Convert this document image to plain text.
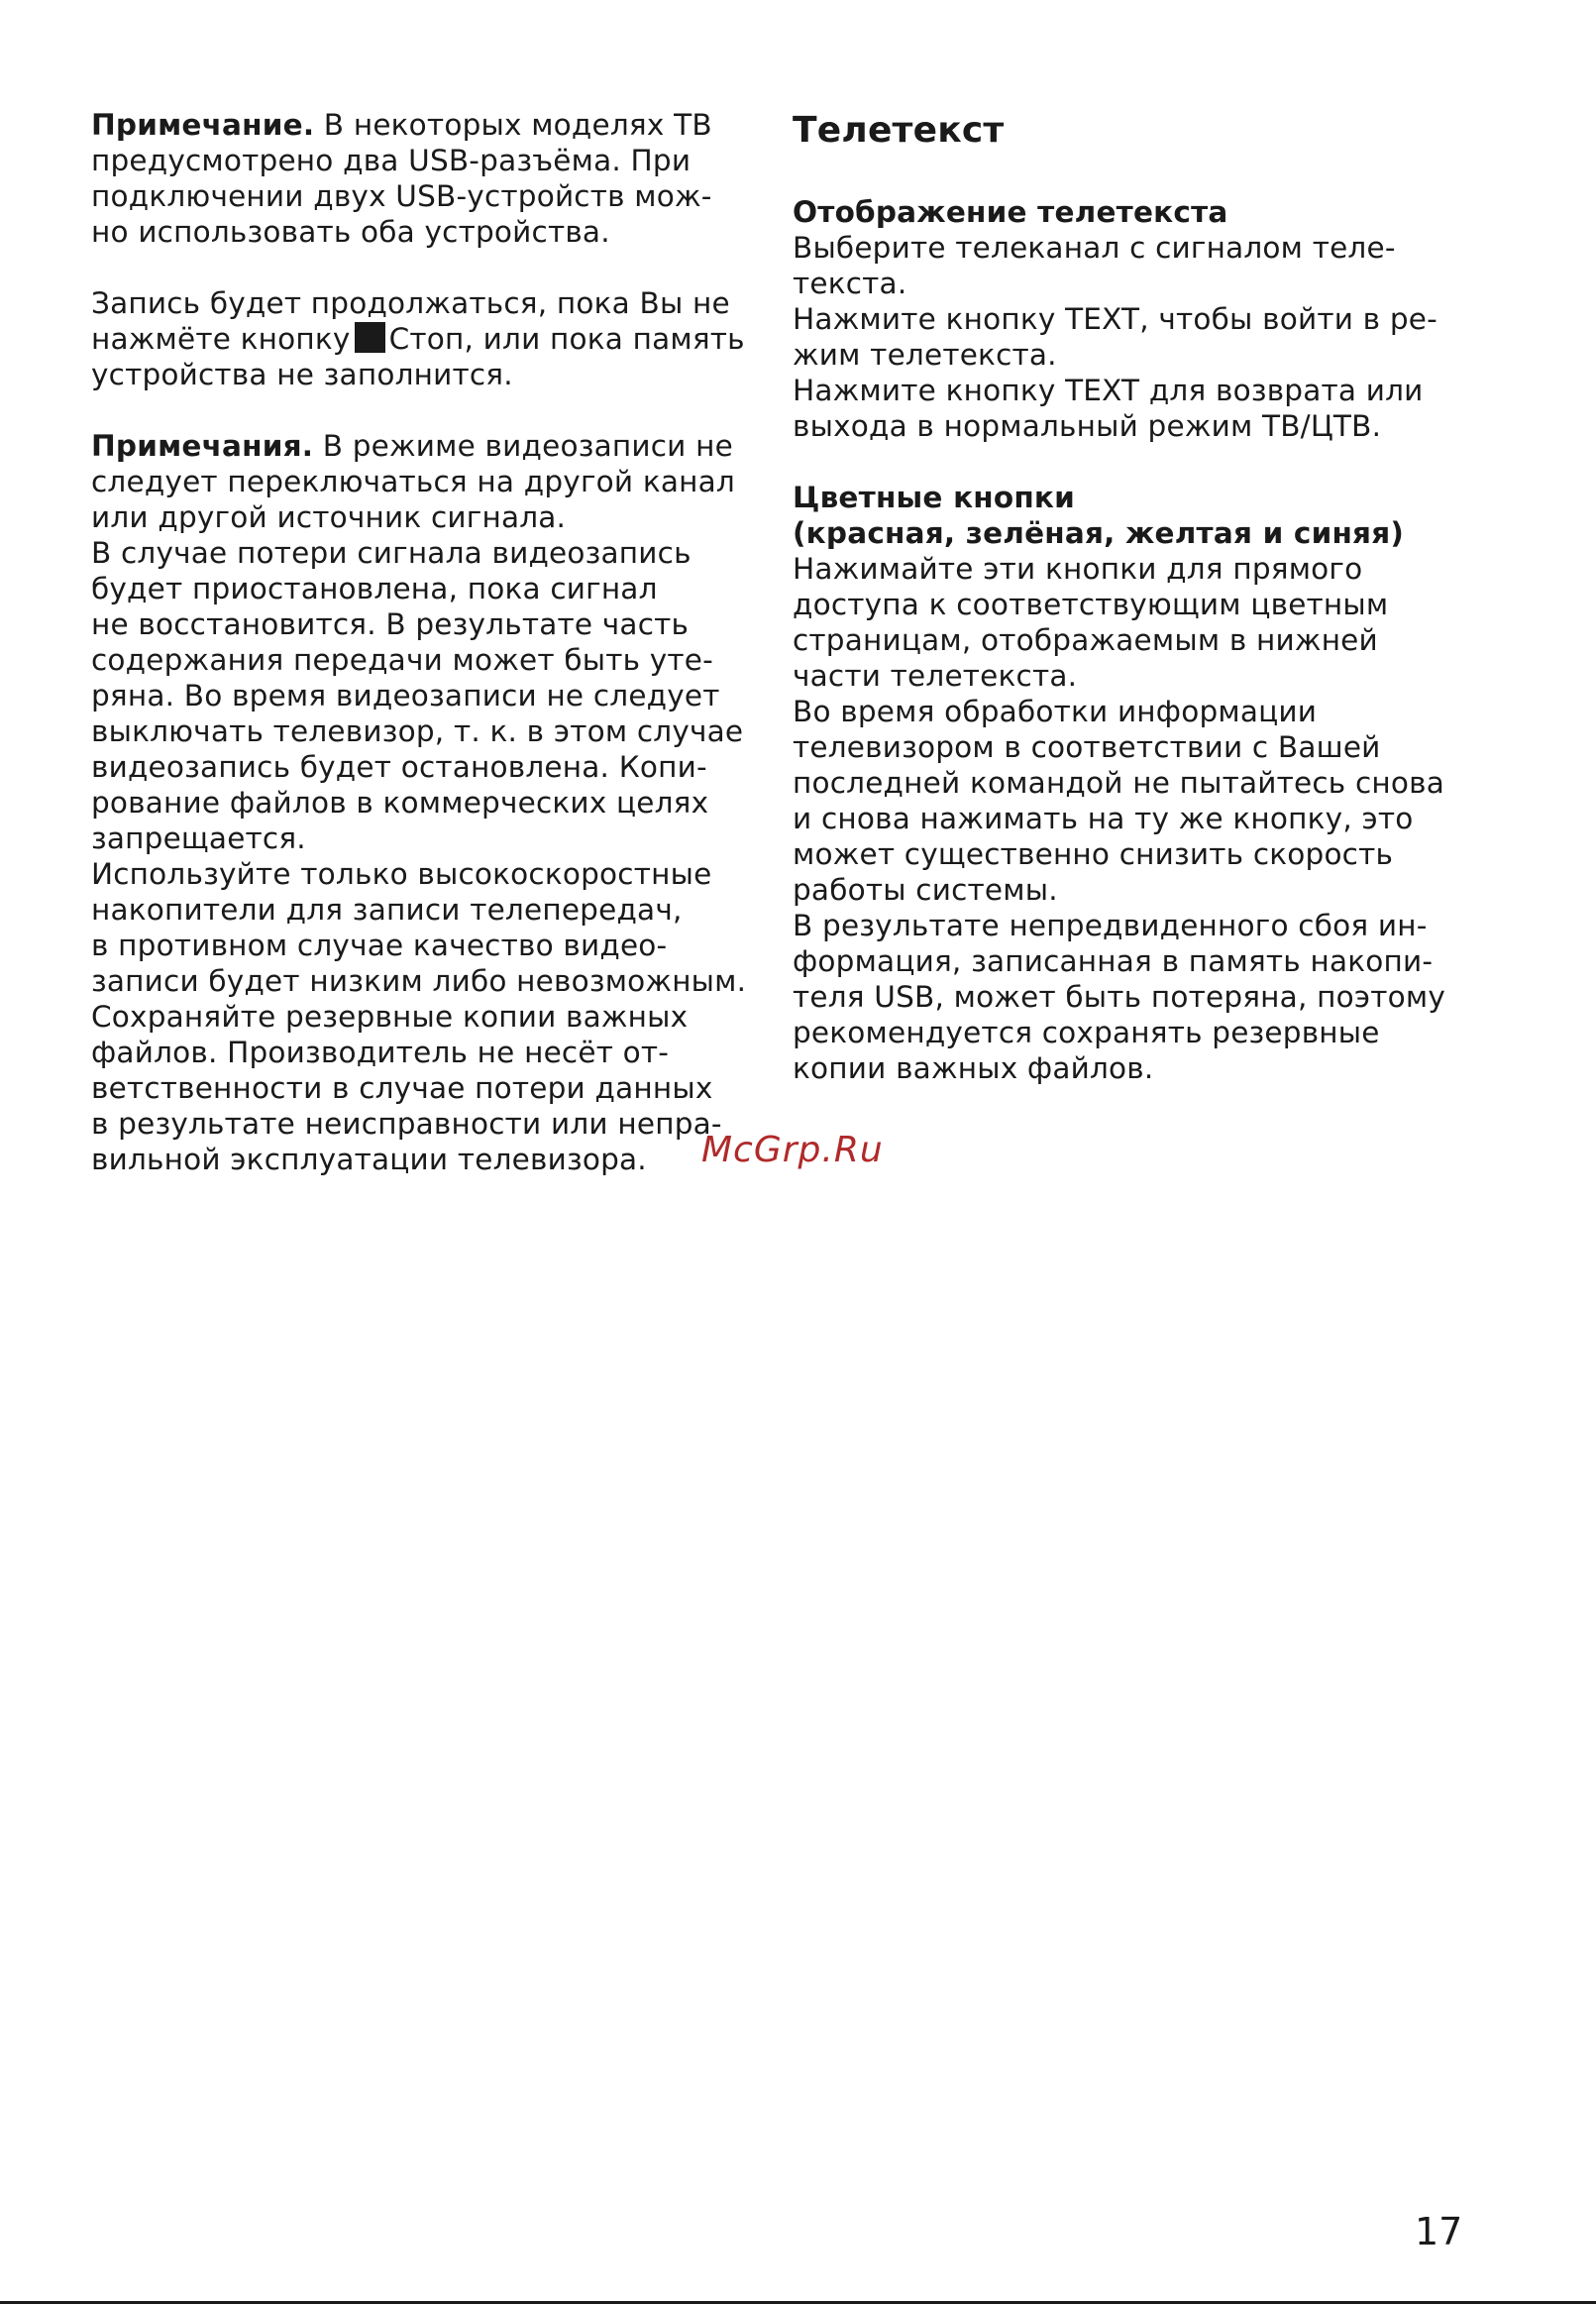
Примечание. В некоторых моделях ТВ
предусмотрено два USB-разъёма. При
подключении двух USB-устройств мож-
но использовать оба устройства.
Запись будет продолжаться, пока Вы не
нажмёте кнопку Стоп, или пока память
устройства не заполнится.
Примечания. В режиме видеозаписи не
следует переключаться на другой канал
или другой источник сигнала.
В случае потери сигнала видеозапись
будет приостановлена, пока сигнал
не восстановится. В результате часть
содержания передачи может быть уте-
ряна. Во время видеозаписи не следует
выключать телевизор, т. к. в этом случае
видеозапись будет остановлена. Копи-
рование файлов в коммерческих целях
запрещается.
Используйте только высокоскоростные
накопители для записи телепередач,
в противном случае качество видео-
записи будет низким либо невозможным.
Сохраняйте резервные копии важных
файлов. Производитель не несёт от-
ветственности в случае потери данных
в результате неисправности или непра-
вильной эксплуатации телевизора.
Телетекст
Отображение телетекста
Выберите телеканал с сигналом теле-
текста.
Нажмите кнопку TEXT, чтобы войти в ре-
жим телетекста.
Нажмите кнопку TEXT для возврата или
выхода в нормальный режим ТВ/ЦТВ.
Цветные кнопки
(красная, зелёная, желтая и синяя)
Нажимайте эти кнопки для прямого
доступа к соответствующим цветным
страницам, отображаемым в нижней
части телетекста.
Во время обработки информации
телевизором в соответствии с Вашей
последней командой не пытайтесь снова
и снова нажимать на ту же кнопку, это
может существенно снизить скорость
работы системы.
В результате непредвиденного сбоя ин-
формация, записанная в память накопи-
теля USB, может быть потеряна, поэтому
рекомендуется сохранять резервные
копии важных файлов.
McGrp.Ru
17
